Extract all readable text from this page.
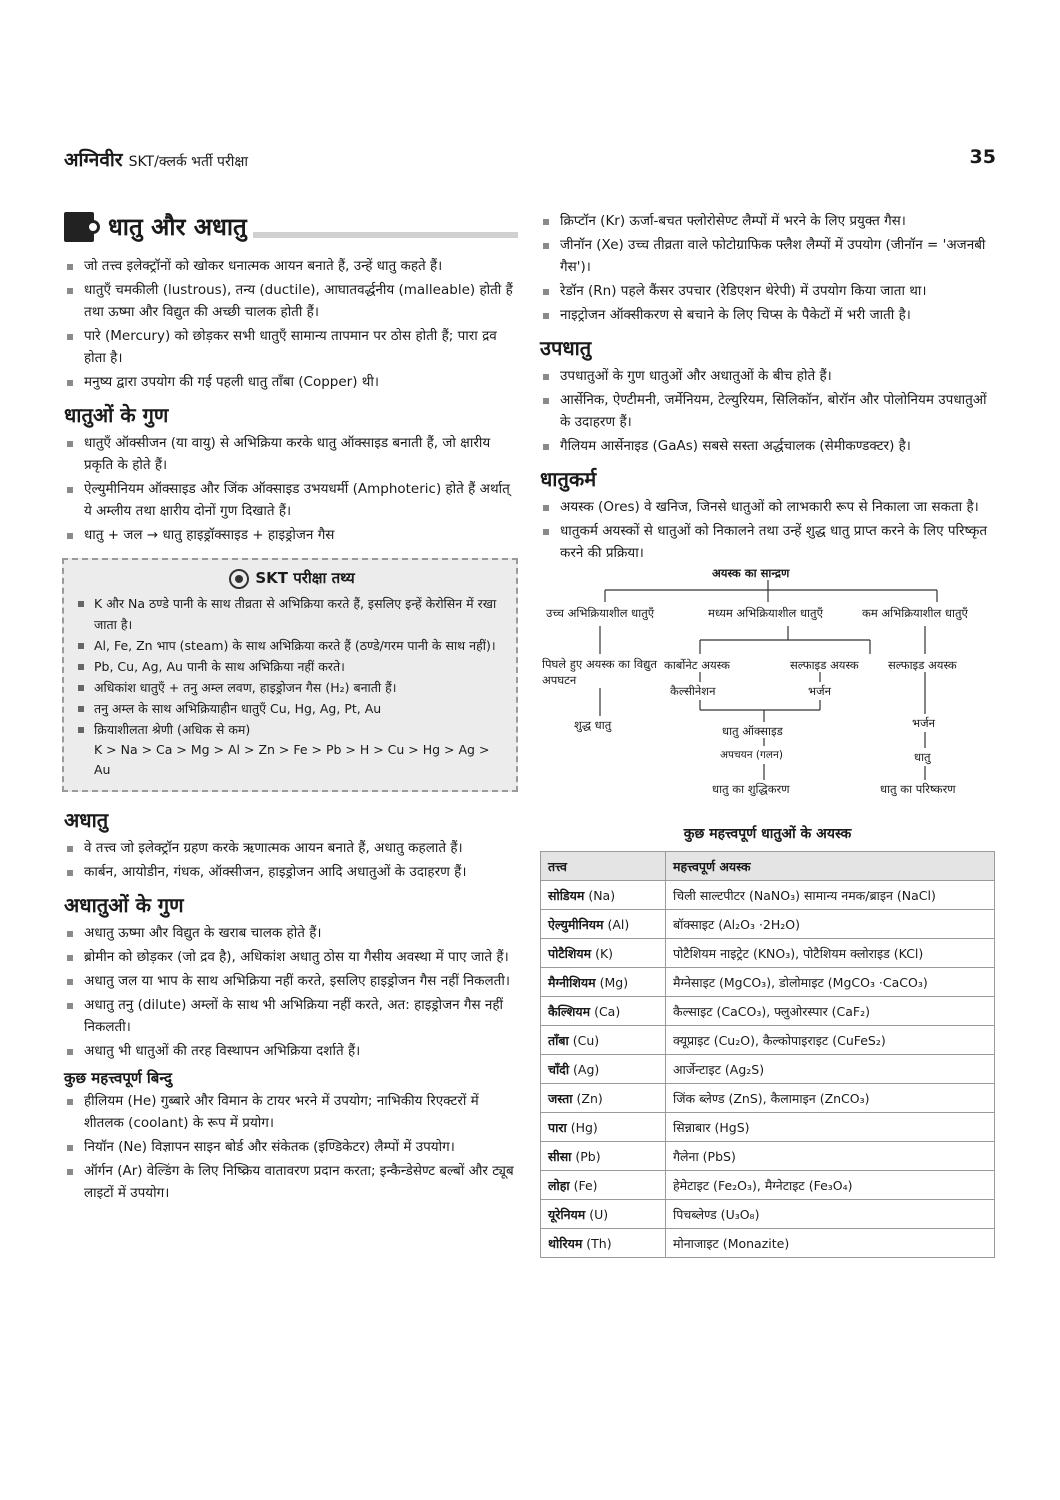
अग्निवीर SKT/क्लर्क भर्ती परीक्षा	35
धातु और अधातु
जो तत्त्व इलेक्ट्रॉनों को खोकर धनात्मक आयन बनाते हैं, उन्हें धातु कहते हैं।
धातुएँ चमकीली (lustrous), तन्य (ductile), आघातवर्द्धनीय (malleable) होती हैं तथा ऊष्मा और विद्युत की अच्छी चालक होती हैं।
पारे (Mercury) को छोड़कर सभी धातुएँ सामान्य तापमान पर ठोस होती हैं; पारा द्रव होता है।
मनुष्य द्वारा उपयोग की गई पहली धातु ताँबा (Copper) थी।
धातुओं के गुण
धातुएँ ऑक्सीजन (या वायु) से अभिक्रिया करके धातु ऑक्साइड बनाती हैं, जो क्षारीय प्रकृति के होते हैं।
ऐल्युमीनियम ऑक्साइड और जिंक ऑक्साइड उभयधर्मी (Amphoteric) होते हैं अर्थात् ये अम्लीय तथा क्षारीय दोनों गुण दिखाते हैं।
धातु + जल → धातु हाइड्रॉक्साइड + हाइड्रोजन गैस
SKT परीक्षा तथ्य
K और Na ठण्डे पानी के साथ तीव्रता से अभिक्रिया करते हैं, इसलिए इन्हें केरोसिन में रखा जाता है।
Al, Fe, Zn भाप (steam) के साथ अभिक्रिया करते हैं (ठण्डे/गरम पानी के साथ नहीं)।
Pb, Cu, Ag, Au पानी के साथ अभिक्रिया नहीं करते।
अधिकांश धातुएँ + तनु अम्ल लवण, हाइड्रोजन गैस (H₂) बनाती हैं।
तनु अम्ल के साथ अभिक्रियाहीन धातुएँ Cu, Hg, Ag, Pt, Au
क्रियाशीलता श्रेणी (अधिक से कम)
K > Na > Ca > Mg > Al > Zn > Fe > Pb > H > Cu > Hg > Ag > Au
अधातु
वे तत्त्व जो इलेक्ट्रॉन ग्रहण करके ऋणात्मक आयन बनाते हैं, अधातु कहलाते हैं।
कार्बन, आयोडीन, गंधक, ऑक्सीजन, हाइड्रोजन आदि अधातुओं के उदाहरण हैं।
अधातुओं के गुण
अधातु ऊष्मा और विद्युत के खराब चालक होते हैं।
ब्रोमीन को छोड़कर (जो द्रव है), अधिकांश अधातु ठोस या गैसीय अवस्था में पाए जाते हैं।
अधातु जल या भाप के साथ अभिक्रिया नहीं करते, इसलिए हाइड्रोजन गैस नहीं निकलती।
अधातु तनु (dilute) अम्लों के साथ भी अभिक्रिया नहीं करते, अत: हाइड्रोजन गैस नहीं निकलती।
अधातु भी धातुओं की तरह विस्थापन अभिक्रिया दर्शाते हैं।
कुछ महत्त्वपूर्ण बिन्दु
हीलियम (He) गुब्बारे और विमान के टायर भरने में उपयोग; नाभिकीय रिएक्टरों में शीतलक (coolant) के रूप में प्रयोग।
नियॉन (Ne) विज्ञापन साइन बोर्ड और संकेतक (इण्डिकेटर) लैम्पों में उपयोग।
ऑर्गन (Ar) वेल्डिंग के लिए निष्क्रिय वातावरण प्रदान करता; इन्कैन्डेसेण्ट बल्बों और ट्यूब लाइटों में उपयोग।
क्रिप्टॉन (Kr) ऊर्जा-बचत फ्लोरोसेण्ट लैम्पों में भरने के लिए प्रयुक्त गैस।
जीनॉन (Xe) उच्च तीव्रता वाले फोटोग्राफिक फ्लैश लैम्पों में उपयोग (जीनॉन = 'अजनबी गैस')।
रेडॉन (Rn) पहले कैंसर उपचार (रेडिएशन थेरेपी) में उपयोग किया जाता था।
नाइट्रोजन ऑक्सीकरण से बचाने के लिए चिप्स के पैकेटों में भरी जाती है।
उपधातु
उपधातुओं के गुण धातुओं और अधातुओं के बीच होते हैं।
आर्सेनिक, ऐण्टीमनी, जर्मेनियम, टेल्युरियम, सिलिकॉन, बोरॉन और पोलोनियम उपधातुओं के उदाहरण हैं।
गैलियम आर्सेनाइड (GaAs) सबसे सस्ता अर्द्धचालक (सेमीकण्डक्टर) है।
धातुकर्म
अयस्क (Ores) वे खनिज, जिनसे धातुओं को लाभकारी रूप से निकाला जा सकता है।
धातुकर्म अयस्कों से धातुओं को निकालने तथा उन्हें शुद्ध धातु प्राप्त करने के लिए परिष्कृत करने की प्रक्रिया।
अयस्क का सान्द्रण
उच्च अभिक्रियाशील धातुएँ	मध्यम अभिक्रियाशील धातुएँ	कम अभिक्रियाशील धातुएँ
पिघले हुए अयस्क का विद्युत अपघटन
कार्बोनेट अयस्क	सल्फाइड अयस्क	सल्फाइड अयस्क
कैल्सीनेशन	भर्जन
शुद्ध धातु	धातु ऑक्साइड
भर्जन
अपचयन (गलन)	धातु
धातु का शुद्धिकरण	धातु का परिष्करण
कुछ महत्त्वपूर्ण धातुओं के अयस्क
तत्त्व	महत्त्वपूर्ण अयस्क
सोडियम (Na)	चिली साल्टपीटर (NaNO₃) सामान्य नमक/ब्राइन (NaCl)
ऐल्युमीनियम (Al)	बॉक्साइट (Al₂O₃ ·2H₂O)
पोटैशियम (K)	पोटैशियम नाइट्रेट (KNO₃), पोटैशियम क्लोराइड (KCl)
मैग्नीशियम (Mg)	मैग्नेसाइट (MgCO₃), डोलोमाइट (MgCO₃ ·CaCO₃)
कैल्शियम (Ca)	कैल्साइट (CaCO₃), फ्लुओरस्पार (CaF₂)
ताँबा (Cu)	क्यूप्राइट (Cu₂O), कैल्कोपाइराइट (CuFeS₂)
चाँदी (Ag)	आर्जेन्टाइट (Ag₂S)
जस्ता (Zn)	जिंक ब्लेण्ड (ZnS), कैलामाइन (ZnCO₃)
पारा (Hg)	सिन्नाबार (HgS)
सीसा (Pb)	गैलेना (PbS)
लोहा (Fe)	हेमेटाइट (Fe₂O₃), मैग्नेटाइट (Fe₃O₄)
यूरेनियम (U)	पिचब्लेण्ड (U₃O₈)
थोरियम (Th)	मोनाजाइट (Monazite)
